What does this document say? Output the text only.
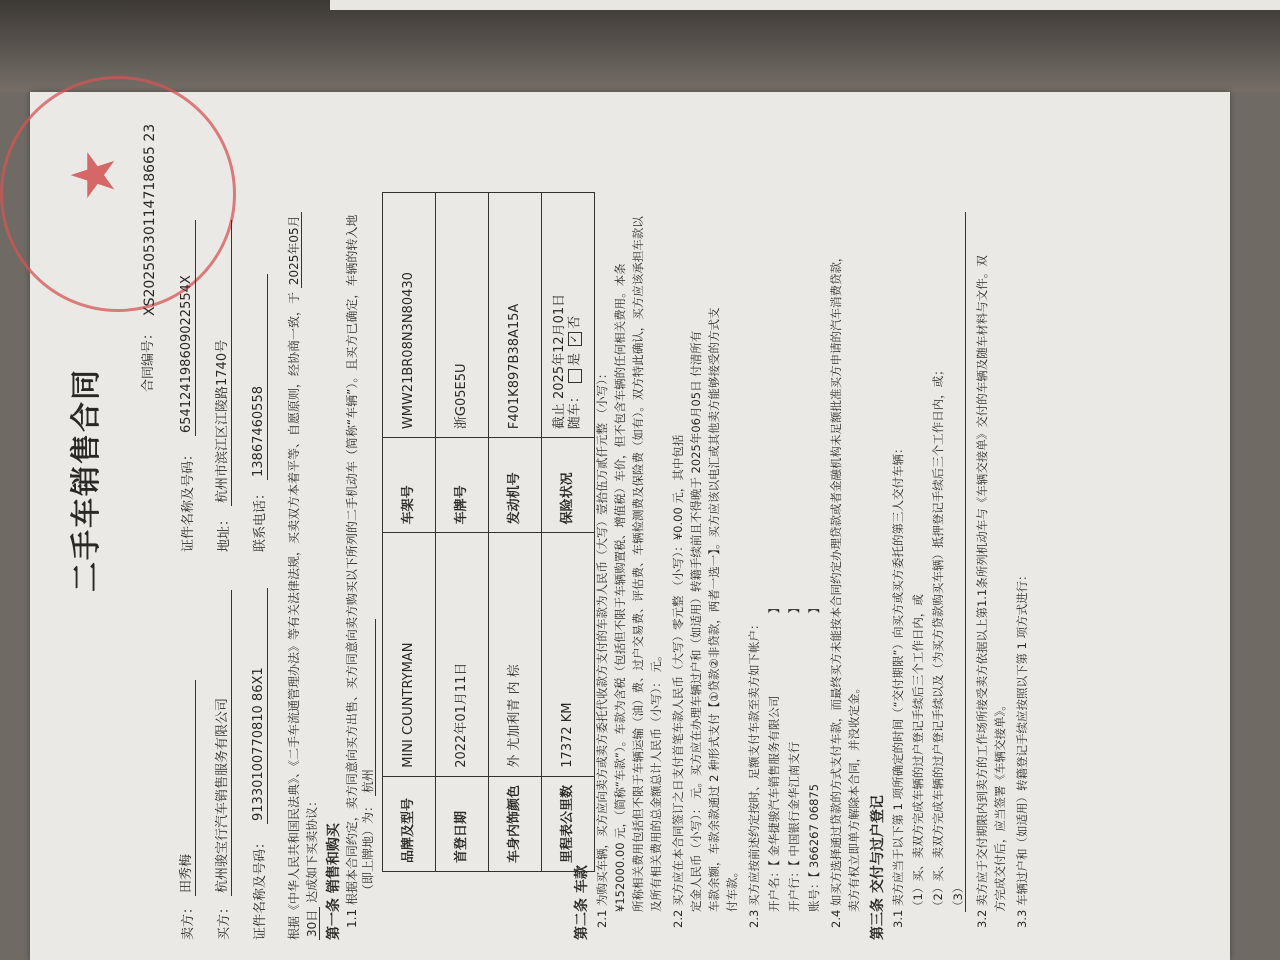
★
二手车销售合同
合同编号：
XS20250530114718665 23
卖方：
田秀梅
证件名称及号码：
654124198609022554X
买方：
杭州骏宝行汽车销售服务有限公司
地址：
杭州市滨江区江陵路1740号
证件名称及号码：
91330100770810 86X1
联系电话：
13867460558 根据《中华人民共和国民法典》、《二手车流通管理办法》等有关法律法规，买卖双方本着平等、自愿原则，经协商一致，于 2025年05月
30日 达成如下买卖协议： 第一条 销售和购买 1.1 根据本合同约定，卖方同意向买方出售、买方同意向卖方购买以下所列的二手机动车（简称“车辆”）。且买方已确定，车辆的转入地 （即上牌地）为： 杭州
品牌及型号	MINI COUNTRYMAN	车架号	WMW21BR08N3N80430
首登日期	2022年01月11日	车牌号	浙G05E5U
车身内饰颜色	外 尤加利青 内 棕	发动机号	F401K897B38A15A
里程表公里数	17372 KM	保险状况	截止 2025年12月01日 随车： 是 ✓否
第二条 车款 2.1 为购买车辆，买方应向卖方或卖方委托代收款方支付的车款为人民币（大写）壹拾伍万贰仟元整 （小写）： ¥152000.00 元，（简称“车款”）。车款为含税（包括但不限于车辆购置税、增值税）车价，但不包含车辆的任何相关费用。本条 所称相关费用包括但不限于车辆运输（油）费、过户交易费、评估费、车辆检测费及保险费（如有）。双方特此确认，买方应该承担车款以 及所有相关费用的总金额总计人民币（小写）： 元。 2.2 买方应在本合同签订之日支付首笔车款人民币（大写）零元整 （小写）：¥0.00 元，其中包括 定金人民币（小写）： 元。买方应在办理车辆过户和（如适用）转籍手续前且不得晚于 2025年06月05日 付清所有 车款余额，车款余款通过 2 种形式支付【①贷款②非贷款，两者一选一】。买方应该以电汇或其他卖方能够接受的方式支 付车款。 2.3 买方应按前述约定按时、足额支付车款至卖方如下帐户： 开户名：【 金华捷骏汽车销售服务有限公司
】
开户行：【 中国银行金华江南支行
】
账号：【 366267 06875
】 2.4 如买方选择通过贷款的方式支付车款，而最终买方未能按本合同约定办理贷款或者金融机构未足额批准买方申请的汽车消费贷款， 卖方有权立即单方解除本合同，并没收定金。 第三条 交付与过户登记 3.1 卖方应当于以下第 1 项所确定的时间（“交付期限”）向买方或买方委托的第三人交付车辆： （1）买、卖双方完成车辆的过户登记手续后三个工作日内，或 （2）买、卖双方完成车辆的过户登记手续以及（为买方贷款购买车辆）抵押登记手续后三个工作日内，或； （3） 3.2 卖方应于交付期限内到卖方的工作场所接受卖方依据以上第1.1条所列机动车与《车辆交接单》交付的车辆及随车材料与文件。双 方完成交付后，应当签署《车辆交接单》。 3.3 车辆过户和（如适用）转籍登记手续应按照以下第 1 项方式进行：
